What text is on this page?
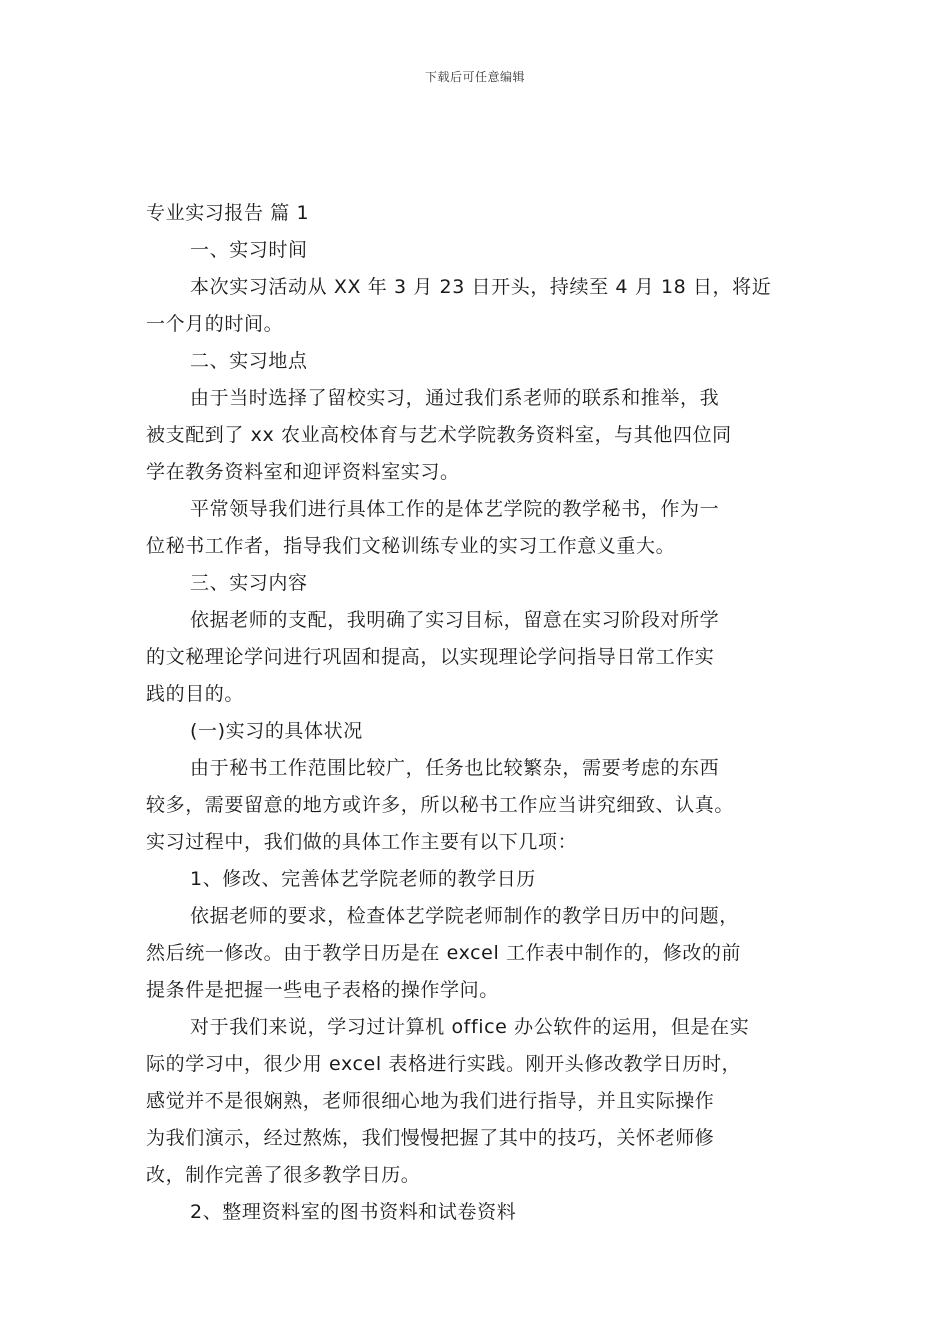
下载后可任意编辑
专业实习报告 篇 1
一、实习时间
本次实习活动从 XX 年 3 月 23 日开头，持续至 4 月 18 日，将近
一个月的时间。
二、实习地点
由于当时选择了留校实习，通过我们系老师的联系和推举，我
被支配到了 xx 农业高校体育与艺术学院教务资料室，与其他四位同
学在教务资料室和迎评资料室实习。
平常领导我们进行具体工作的是体艺学院的教学秘书，作为一
位秘书工作者，指导我们文秘训练专业的实习工作意义重大。
三、实习内容
依据老师的支配，我明确了实习目标，留意在实习阶段对所学
的文秘理论学问进行巩固和提高，以实现理论学问指导日常工作实
践的目的。
(一)实习的具体状况
由于秘书工作范围比较广，任务也比较繁杂，需要考虑的东西
较多，需要留意的地方或许多，所以秘书工作应当讲究细致、认真。
实习过程中，我们做的具体工作主要有以下几项：
1、修改、完善体艺学院老师的教学日历
依据老师的要求，检查体艺学院老师制作的教学日历中的问题，
然后统一修改。由于教学日历是在 excel 工作表中制作的，修改的前
提条件是把握一些电子表格的操作学问。
对于我们来说，学习过计算机 office 办公软件的运用，但是在实
际的学习中，很少用 excel 表格进行实践。刚开头修改教学日历时，
感觉并不是很娴熟，老师很细心地为我们进行指导，并且实际操作
为我们演示，经过熬炼，我们慢慢把握了其中的技巧，关怀老师修
改，制作完善了很多教学日历。
2、整理资料室的图书资料和试卷资料
